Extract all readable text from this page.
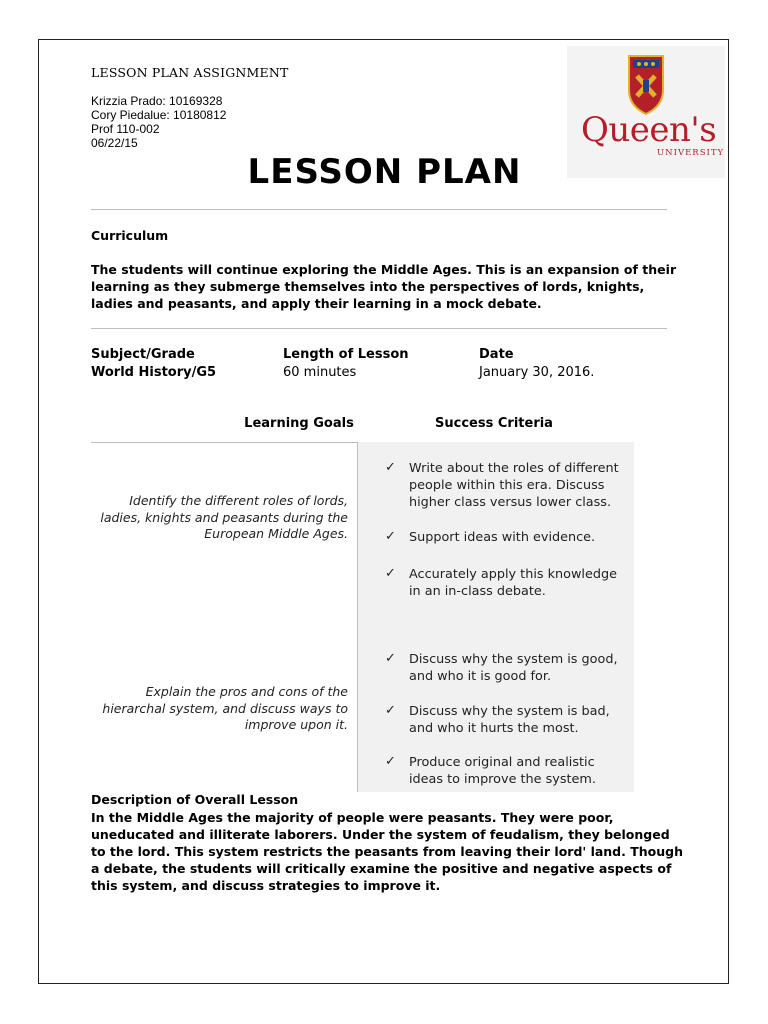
LESSON PLAN ASSIGNMENT
Krizzia Prado: 10169328
Cory Piedalue: 10180812
Prof 110-002
06/22/15	Queen's
UNIVERSITY
LESSON PLAN
Curriculum
The students will continue exploring the Middle Ages. This is an expansion of their
learning as they submerge themselves into the perspectives of lords, knights,
ladies and peasants, and apply their learning in a mock debate.
Subject/Grade
World History/G5
Length of Lesson
60 minutes
Date
January 30, 2016.
Learning Goals	Success Criteria
Identify the different roles of lords,
ladies, knights and peasants during the
European Middle Ages.
Explain the pros and cons of the
hierarchal system, and discuss ways to
improve upon it.
✓ Write about the roles of different
people within this era. Discuss
higher class versus lower class.
✓ Support ideas with evidence.
✓ Accurately apply this knowledge
in an in-class debate.
✓ Discuss why the system is good,
and who it is good for.
✓ Discuss why the system is bad,
and who it hurts the most.
✓ Produce original and realistic
ideas to improve the system.
Description of Overall Lesson
In the Middle Ages the majority of people were peasants. They were poor,
uneducated and illiterate laborers. Under the system of feudalism, they belonged
to the lord. This system restricts the peasants from leaving their lord' land. Though
a debate, the students will critically examine the positive and negative aspects of
this system, and discuss strategies to improve it.
